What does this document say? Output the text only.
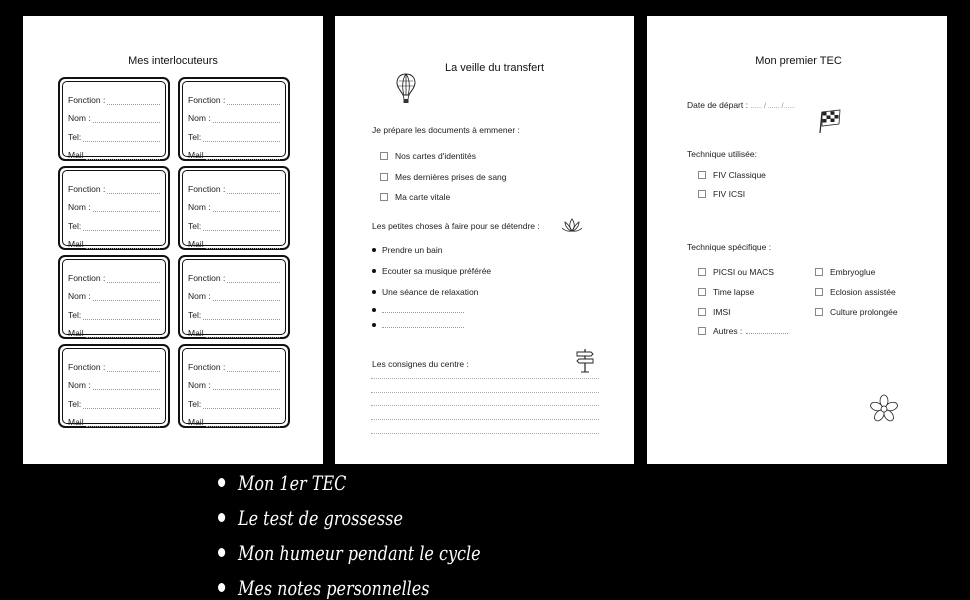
Mes interlocuteurs
Fonction :
Nom :
Tel:
Mail
Fonction :
Nom :
Tel:
Mail
Fonction :
Nom :
Tel:
Mail
Fonction :
Nom :
Tel:
Mail
Fonction :
Nom :
Tel:
Mail
Fonction :
Nom :
Tel:
Mail
Fonction :
Nom :
Tel:
Mail
Fonction :
Nom :
Tel:
Mail
La veille du transfert
Je prépare les documents à emmener :
Nos cartes d'identités
Mes dernières prises de sang
Ma carte vitale
Les petites choses à faire pour se détendre :
Prendre un bain
Ecouter sa musique préférée
Une séance de relaxation
Les consignes du centre :
Mon premier TEC
Date de départ : ...... / ...... /......
Technique utilisée:
FIV Classique
FIV ICSI
Technique spécifique :
PICSI ou MACS
Time lapse
IMSI
Autres :
Embryoglue
Eclosion assistée
Culture prolongée
Mon 1er TEC
Le test de grossesse
Mon humeur pendant le cycle
Mes notes personnelles
